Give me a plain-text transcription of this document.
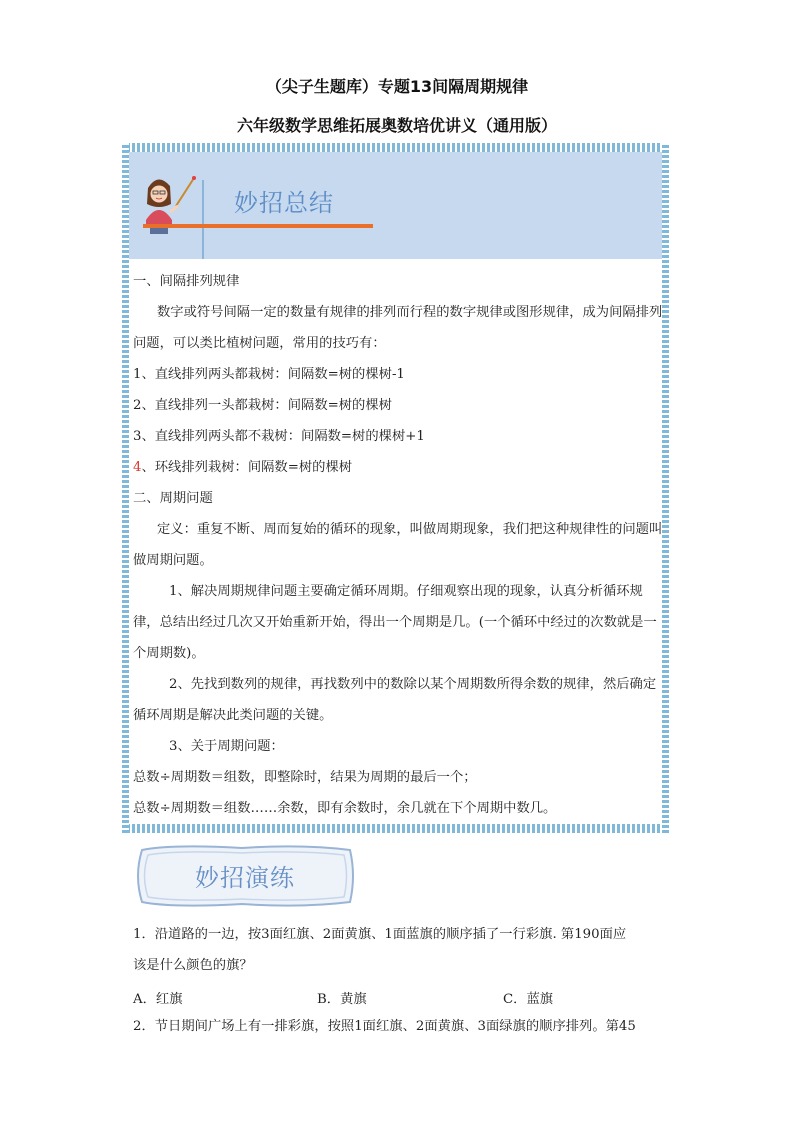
（尖子生题库）专题13间隔周期规律
六年级数学思维拓展奥数培优讲义（通用版）
妙招总结

一、间隔排列规律

数字或符号间隔一定的数量有规律的排列而行程的数字规律或图形规律，成为间隔排列问题，可以类比植树问题，常用的技巧有：

1、直线排列两头都栽树：间隔数=树的棵树-1

2、直线排列一头都栽树：间隔数=树的棵树

3、直线排列两头都不栽树：间隔数=树的棵树+1

4、环线排列栽树：间隔数=树的棵树

二、周期问题

定义：重复不断、周而复始的循环的现象，叫做周期现象，我们把这种规律性的问题叫做周期问题。

1、解决周期规律问题主要确定循环周期。仔细观察出现的现象，认真分析循环规律，总结出经过几次又开始重新开始，得出一个周期是几。(一个循环中经过的次数就是一个周期数)。

2、先找到数列的规律，再找数列中的数除以某个周期数所得余数的规律，然后确定循环周期是解决此类问题的关键。

3、关于周期问题：

总数÷周期数＝组数，即整除时，结果为周期的最后一个；

总数÷周期数＝组数……余数，即有余数时，余几就在下个周期中数几。

妙招演练
1．沿道路的一边，按3面红旗、2面黄旗、1面蓝旗的顺序插了一行彩旗. 第190面应
该是什么颜色的旗？
A．红旗	B．黄旗	C．蓝旗
2．节日期间广场上有一排彩旗，按照1面红旗、2面黄旗、3面绿旗的顺序排列。第45
